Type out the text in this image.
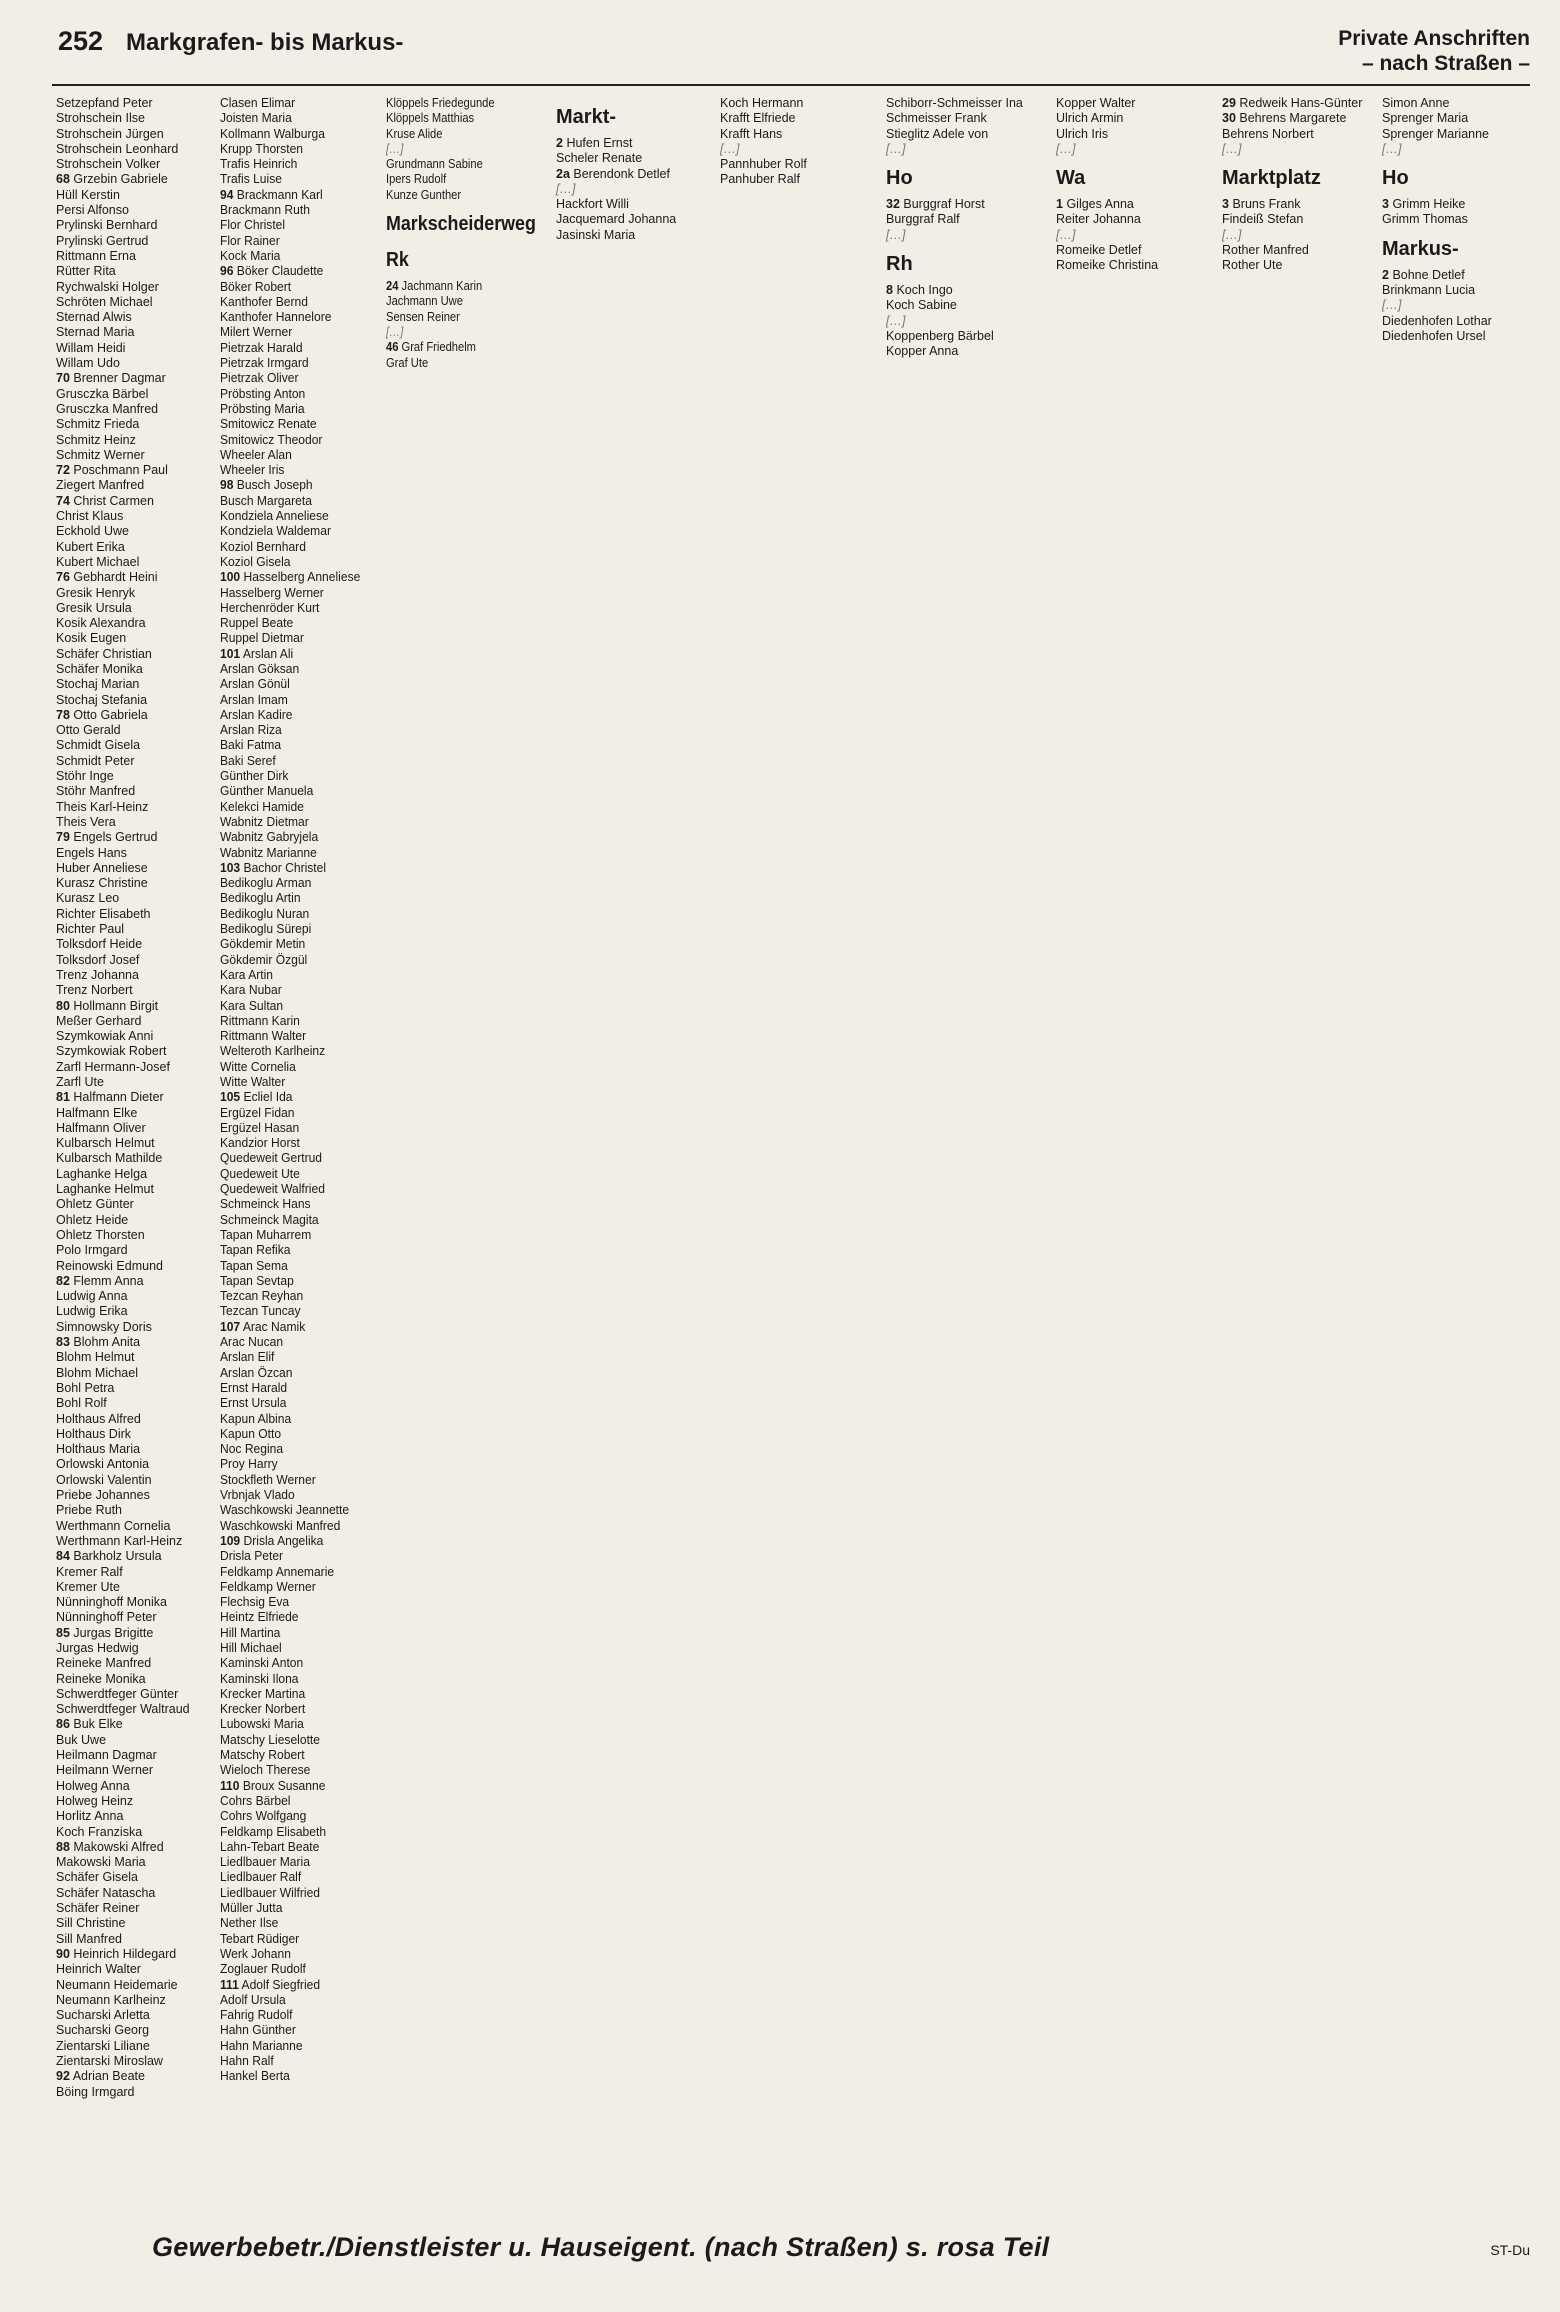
252 Markgrafen- bis Markus-	Private Anschriften
– nach Straßen –
Setzepfand Peter
Strohschein Ilse
Strohschein Jürgen
Strohschein Leonhard
Strohschein Volker
68 Grzebin Gabriele
Hüll Kerstin
Persi Alfonso
Prylinski Bernhard
Prylinski Gertrud
Rittmann Erna
Rütter Rita
Rychwalski Holger
Schröten Michael
Sternad Alwis
Sternad Maria
Willam Heidi
Willam Udo
70 Brenner Dagmar
Grusczka Bärbel
Grusczka Manfred
Schmitz Frieda
Schmitz Heinz
Schmitz Werner
72 Poschmann Paul
Ziegert Manfred
74 Christ Carmen
Christ Klaus
Eckhold Uwe
Kubert Erika
Kubert Michael
76 Gebhardt Heini
Gresik Henryk
Gresik Ursula
Kosik Alexandra
Kosik Eugen
Schäfer Christian
Schäfer Monika
Stochaj Marian
Stochaj Stefania
78 Otto Gabriela
Otto Gerald
Schmidt Gisela
Schmidt Peter
Stöhr Inge
Stöhr Manfred
Theis Karl-Heinz
Theis Vera
79 Engels Gertrud
Engels Hans
Huber Anneliese
Kurasz Christine
Kurasz Leo
Richter Elisabeth
Richter Paul
Tolksdorf Heide
Tolksdorf Josef
Trenz Johanna
Trenz Norbert
80 Hollmann Birgit
Meßer Gerhard
Szymkowiak Anni
Szymkowiak Robert
Zarfl Hermann-Josef
Zarfl Ute
81 Halfmann Dieter
Halfmann Elke
Halfmann Oliver
Kulbarsch Helmut
Kulbarsch Mathilde
Laghanke Helga
Laghanke Helmut
Ohletz Günter
Ohletz Heide
Ohletz Thorsten
Polo Irmgard
Reinowski Edmund
82 Flemm Anna
Ludwig Anna
Ludwig Erika
Simnowsky Doris
83 Blohm Anita
Blohm Helmut
Blohm Michael
Bohl Petra
Bohl Rolf
Holthaus Alfred
Holthaus Dirk
Holthaus Maria
Orlowski Antonia
Orlowski Valentin
Priebe Johannes
Priebe Ruth
Werthmann Cornelia
Werthmann Karl-Heinz
84 Barkholz Ursula
Kremer Ralf
Kremer Ute
Nünninghoff Monika
Nünninghoff Peter
85 Jurgas Brigitte
Jurgas Hedwig
Reineke Manfred
Reineke Monika
Schwerdtfeger Günter
Schwerdtfeger Waltraud
86 Buk Elke
Buk Uwe
Heilmann Dagmar
Heilmann Werner
Holweg Anna
Holweg Heinz
Horlitz Anna
Koch Franziska
88 Makowski Alfred
Makowski Maria
Schäfer Gisela
Schäfer Natascha
Schäfer Reiner
Sill Christine
Sill Manfred
90 Heinrich Hildegard
Heinrich Walter
Neumann Heidemarie
Neumann Karlheinz
Sucharski Arletta
Sucharski Georg
Zientarski Liliane
Zientarski Miroslaw
92 Adrian Beate
Böing Irmgard
Clasen Elimar
Joisten Maria
Kollmann Walburga
Krupp Thorsten
Trafis Heinrich
Trafis Luise
94 Brackmann Karl
Brackmann Ruth
Flor Christel
Flor Rainer
Kock Maria
96 Böker Claudette
Böker Robert
Kanthofer Bernd
Kanthofer Hannelore
Milert Werner
Pietrzak Harald
Pietrzak Irmgard
Pietrzak Oliver
Pröbsting Anton
Pröbsting Maria
Smitowicz Renate
Smitowicz Theodor
Wheeler Alan
Wheeler Iris
98 Busch Joseph
Busch Margareta
Kondziela Anneliese
Kondziela Waldemar
Koziol Bernhard
Koziol Gisela
100 Hasselberg Anneliese
Hasselberg Werner
Herchenröder Kurt
Ruppel Beate
Ruppel Dietmar
101 Arslan Ali
Arslan Göksan
Arslan Gönül
Arslan Imam
Arslan Kadire
Arslan Riza
Baki Fatma
Baki Seref
Günther Dirk
Günther Manuela
Kelekci Hamide
Wabnitz Dietmar
Wabnitz Gabryjela
Wabnitz Marianne
103 Bachor Christel
Bedikoglu Arman
Bedikoglu Artin
Bedikoglu Nuran
Bedikoglu Sürepi
Gökdemir Metin
Gökdemir Özgül
Kara Artin
Kara Nubar
Kara Sultan
Rittmann Karin
Rittmann Walter
Welteroth Karlheinz
Witte Cornelia
Witte Walter
105 Ecliel Ida
Ergüzel Fidan
Ergüzel Hasan
Kandzior Horst
Quedeweit Gertrud
Quedeweit Ute
Quedeweit Walfried
Schmeinck Hans
Schmeinck Magita
Tapan Muharrem
Tapan Refika
Tapan Sema
Tapan Sevtap
Tezcan Reyhan
Tezcan Tuncay
107 Arac Namik
Arac Nucan
Arslan Elif
Arslan Özcan
Ernst Harald
Ernst Ursula
Kapun Albina
Kapun Otto
Noc Regina
Proy Harry
Stockfleth Werner
Vrbnjak Vlado
Waschkowski Jeannette
Waschkowski Manfred
109 Drisla Angelika
Drisla Peter
Feldkamp Annemarie
Feldkamp Werner
Flechsig Eva
Heintz Elfriede
Hill Martina
Hill Michael
Kaminski Anton
Kaminski Ilona
Krecker Martina
Krecker Norbert
Lubowski Maria
Matschy Lieselotte
Matschy Robert
Wieloch Therese
110 Broux Susanne
Cohrs Bärbel
Cohrs Wolfgang
Feldkamp Elisabeth
Lahn-Tebart Beate
Liedlbauer Maria
Liedlbauer Ralf
Liedlbauer Wilfried
Müller Jutta
Nether Ilse
Tebart Rüdiger
Werk Johann
Zoglauer Rudolf
111 Adolf Siegfried
Adolf Ursula
Fahrig Rudolf
Hahn Günther
Hahn Marianne
Hahn Ralf
Hankel Berta
Klöppels Friedegunde
Klöppels Matthias
Kruse Alide
[…]
Grundmann Sabine
Ipers Rudolf
Kunze Gunther
Markscheiderweg
Rk
24 Jachmann Karin
Jachmann Uwe
Sensen Reiner
[…]
46 Graf Friedhelm
Graf Ute
Markt-
2 Hufen Ernst
Scheler Renate
2a Berendonk Detlef
[…]
Hackfort Willi
Jacquemard Johanna
Jasinski Maria
Koch Hermann
Krafft Elfriede
Krafft Hans
[…]
Pannhuber Rolf
Panhuber Ralf
Schiborr-Schmeisser Ina
Schmeisser Frank
Stieglitz Adele von
[…]
Ho
32 Burggraf Horst
Burggraf Ralf
[…]
Rh
8 Koch Ingo
Koch Sabine
[…]
Koppenberg Bärbel
Kopper Anna
Kopper Walter
Ulrich Armin
Ulrich Iris
[…]
Wa
1 Gilges Anna
Reiter Johanna
[…]
Romeike Detlef
Romeike Christina
29 Redweik Hans-Günter
30 Behrens Margarete
Behrens Norbert
[…]
Marktplatz
3 Bruns Frank
Findeiß Stefan
[…]
Rother Manfred
Rother Ute
Simon Anne
Sprenger Maria
Sprenger Marianne
[…]
Ho
3 Grimm Heike
Grimm Thomas
Markus-
2 Bohne Detlef
Brinkmann Lucia
[…]
Diedenhofen Lothar
Diedenhofen Ursel
Gewerbebetr./Dienstleister u. Hauseigent. (nach Straßen) s. rosa Teil	ST-Du
